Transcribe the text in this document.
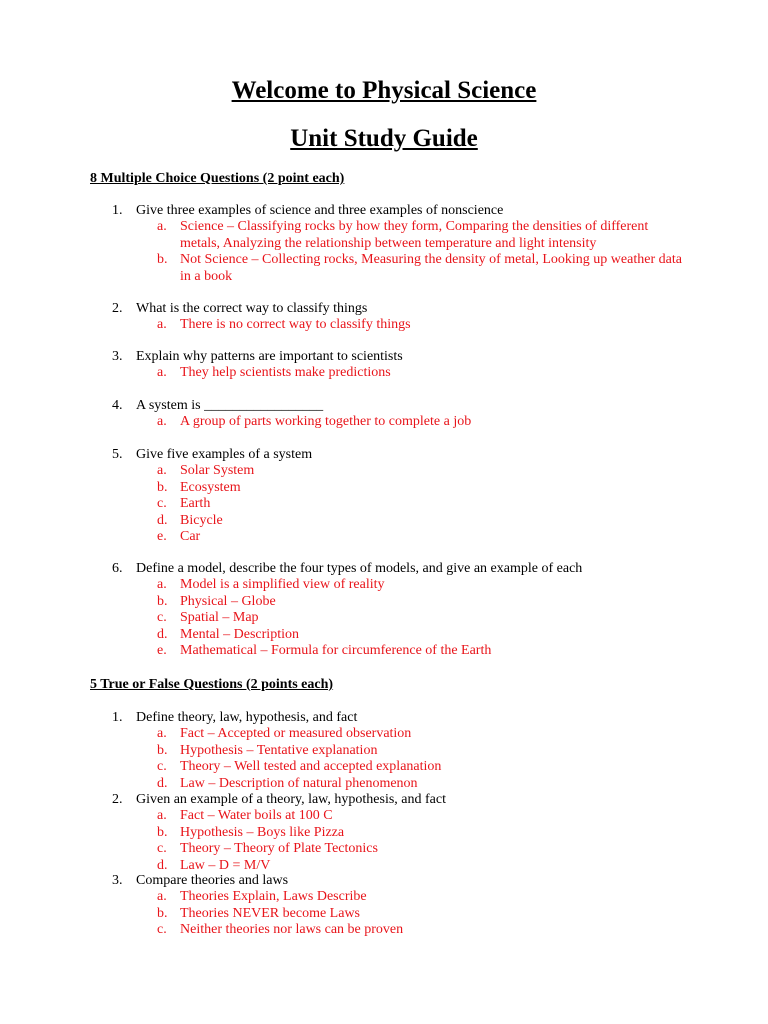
Welcome to Physical Science
Unit Study Guide
8 Multiple Choice Questions (2 point each)
1. Give three examples of science and three examples of nonscience
a. Science – Classifying rocks by how they form, Comparing the densities of different metals, Analyzing the relationship between temperature and light intensity
b. Not Science – Collecting rocks, Measuring the density of metal, Looking up weather data in a book
2. What is the correct way to classify things
a. There is no correct way to classify things
3. Explain why patterns are important to scientists
a. They help scientists make predictions
4. A system is _________________
a. A group of parts working together to complete a job
5. Give five examples of a system
a. Solar System
b. Ecosystem
c. Earth
d. Bicycle
e. Car
6. Define a model, describe the four types of models, and give an example of each
a. Model is a simplified view of reality
b. Physical – Globe
c. Spatial – Map
d. Mental – Description
e. Mathematical – Formula for circumference of the Earth
5 True or False Questions (2 points each)
1. Define theory, law, hypothesis, and fact
a. Fact – Accepted or measured observation
b. Hypothesis – Tentative explanation
c. Theory – Well tested and accepted explanation
d. Law – Description of natural phenomenon
2. Given an example of a theory, law, hypothesis, and fact
a. Fact – Water boils at 100 C
b. Hypothesis – Boys like Pizza
c. Theory – Theory of Plate Tectonics
d. Law – D = M/V
3. Compare theories and laws
a. Theories Explain, Laws Describe
b. Theories NEVER become Laws
c. Neither theories nor laws can be proven
